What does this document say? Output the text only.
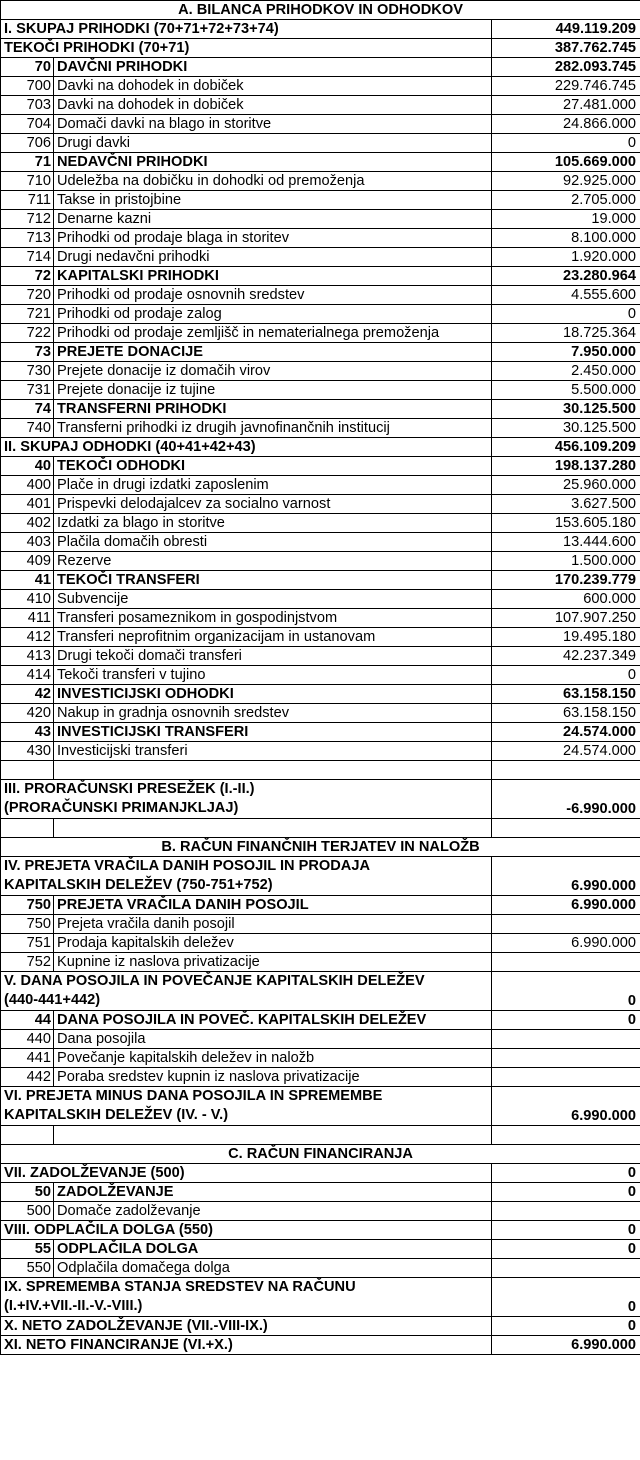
A. BILANCA PRIHODKOV IN ODHODKOV		
I. SKUPAJ PRIHODKI (70+71+72+73+74)		449.119.209
TEKOČI PRIHODKI (70+71)		387.762.745
70	DAVČNI PRIHODKI	282.093.745
700	Davki na dohodek in dobiček	229.746.745
703	Davki na dohodek in dobiček	27.481.000
704	Domači davki na blago in storitve	24.866.000
706	Drugi davki	0
71	NEDAVČNI PRIHODKI	105.669.000
710	Udeležba na dobičku in dohodki od premoženja	92.925.000
711	Takse in pristojbine	2.705.000
712	Denarne kazni	19.000
713	Prihodki od prodaje blaga in storitev	8.100.000
714	Drugi nedavčni prihodki	1.920.000
72	KAPITALSKI PRIHODKI	23.280.964
720	Prihodki od prodaje osnovnih sredstev	4.555.600
721	Prihodki od prodaje zalog	0
722	Prihodki od prodaje zemljišč in nematerialnega premoženja	18.725.364
73	PREJETE DONACIJE	7.950.000
730	Prejete donacije iz domačih virov	2.450.000
731	Prejete donacije iz tujine	5.500.000
74	TRANSFERNI PRIHODKI	30.125.500
740	Transferni prihodki iz drugih javnofinančnih institucij	30.125.500
II. SKUPAJ ODHODKI (40+41+42+43)		456.109.209
40	TEKOČI ODHODKI	198.137.280
400	Plače in drugi izdatki zaposlenim	25.960.000
401	Prispevki delodajalcev za socialno varnost	3.627.500
402	Izdatki za blago in storitve	153.605.180
403	Plačila domačih obresti	13.444.600
409	Rezerve	1.500.000
41	TEKOČI TRANSFERI	170.239.779
410	Subvencije	600.000
411	Transferi posameznikom in gospodinjstvom	107.907.250
412	Transferi neprofitnim organizacijam in ustanovam	19.495.180
413	Drugi tekoči domači transferi	42.237.349
414	Tekoči transferi v tujino	0
42	INVESTICIJSKI ODHODKI	63.158.150
420	Nakup in gradnja osnovnih sredstev	63.158.150
43	INVESTICIJSKI TRANSFERI	24.574.000
430	Investicijski transferi	24.574.000

III. PRORAČUNSKI PRESEŽEK (I.-II.)
(PRORAČUNSKI PRIMANJKLJAJ)		-6.990.000

B. RAČUN FINANČNIH TERJATEV IN NALOŽB		

IV. PREJETA VRAČILA DANIH POSOJIL IN PRODAJA
KAPITALSKIH DELEŽEV (750-751+752)		6.990.000
750	PREJETA VRAČILA DANIH POSOJIL	6.990.000
750	Prejeta vračila danih posojil	
751	Prodaja kapitalskih deležev	6.990.000
752	Kupnine iz naslova privatizacije	

V. DANA POSOJILA IN POVEČANJE KAPITALSKIH DELEŽEV
(440-441+442)		0
44	DANA POSOJILA IN POVEČ. KAPITALSKIH DELEŽEV	0
440	Dana posojila	
441	Povečanje kapitalskih deležev in naložb	
442	Poraba sredstev kupnin iz naslova privatizacije	

VI. PREJETA MINUS DANA POSOJILA IN SPREMEMBE
KAPITALSKIH DELEŽEV (IV. - V.)		6.990.000

C. RAČUN FINANCIRANJA		
VII. ZADOLŽEVANJE (500)		0
50	ZADOLŽEVANJE	0
500	Domače zadolževanje	
VIII. ODPLAČILA DOLGA (550)		0
55	ODPLAČILA DOLGA	0
550	Odplačila domačega dolga	

IX. SPREMEMBA STANJA SREDSTEV NA RAČUNU
(I.+IV.+VII.-II.-V.-VIII.)		0
X. NETO ZADOLŽEVANJE (VII.-VIII-IX.)		0
XI. NETO FINANCIRANJE (VI.+X.)		6.990.000
